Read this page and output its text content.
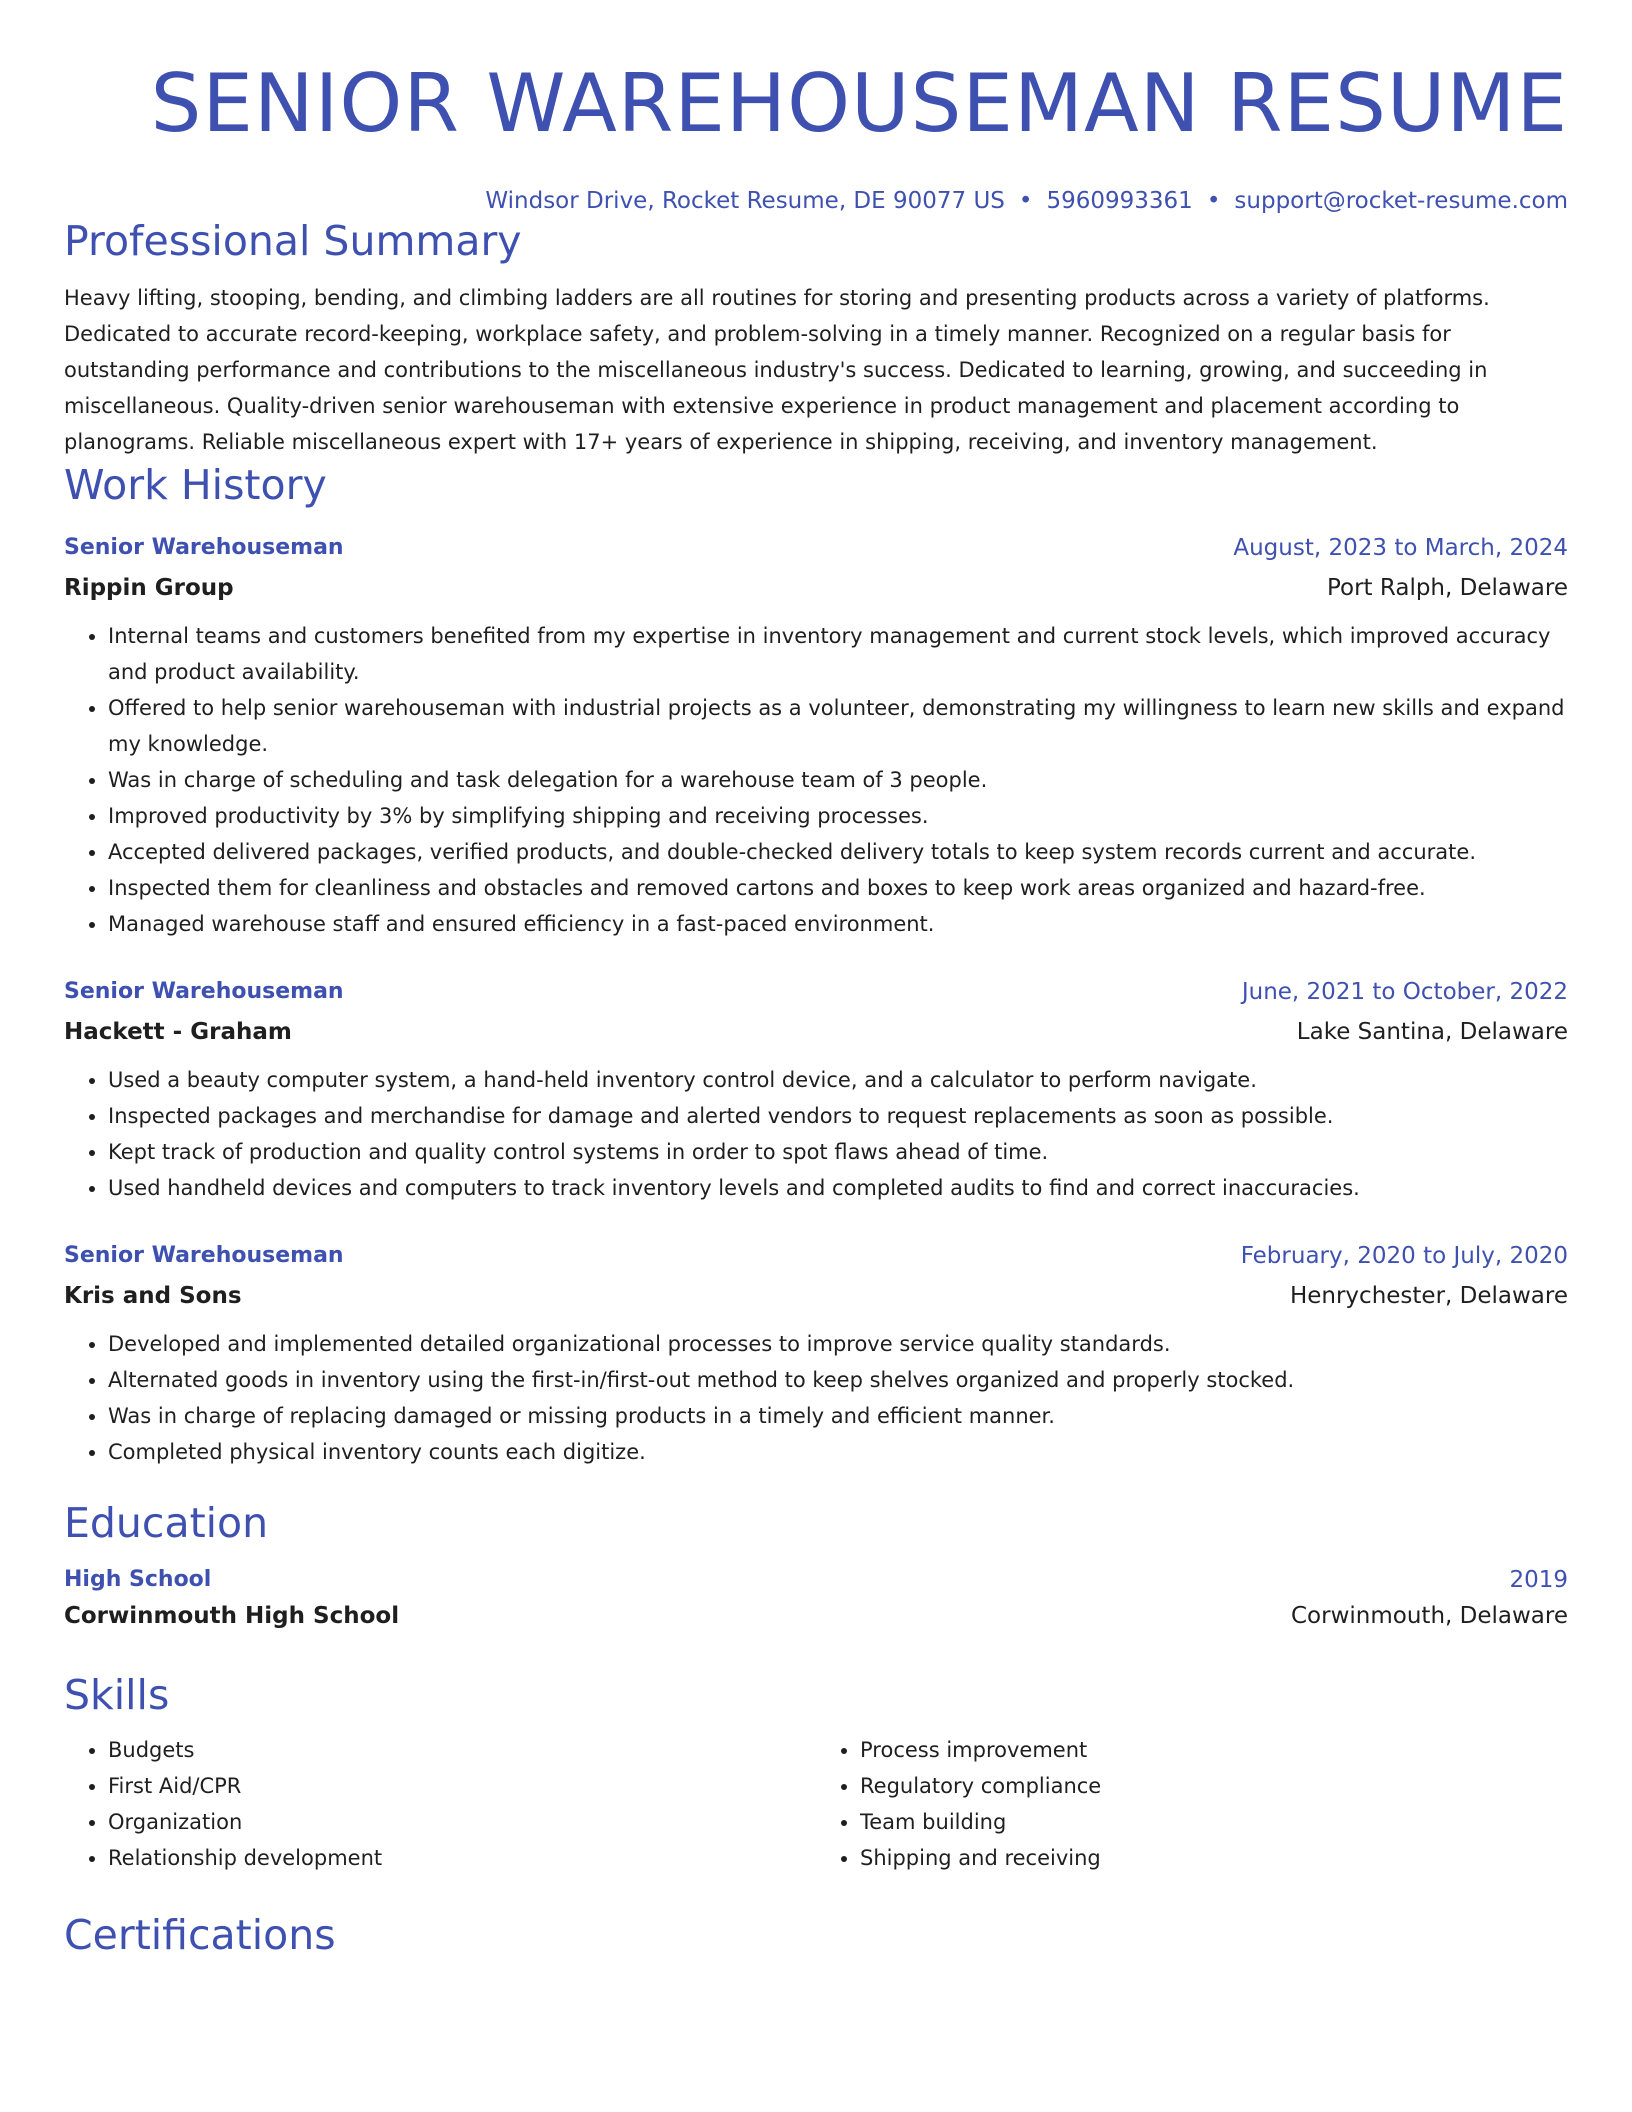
SENIOR WAREHOUSEMAN RESUME
Windsor Drive, Rocket Resume, DE 90077 US • 5960993361 • support@rocket-resume.com
Professional Summary
Heavy lifting, stooping, bending, and climbing ladders are all routines for storing and presenting products across a variety of platforms. Dedicated to accurate record-keeping, workplace safety, and problem-solving in a timely manner. Recognized on a regular basis for outstanding performance and contributions to the miscellaneous industry's success. Dedicated to learning, growing, and succeeding in miscellaneous. Quality-driven senior warehouseman with extensive experience in product management and placement according to planograms. Reliable miscellaneous expert with 17+ years of experience in shipping, receiving, and inventory management.
Work History
Senior Warehouseman	August, 2023 to March, 2024
Rippin Group	Port Ralph, Delaware
• Internal teams and customers benefited from my expertise in inventory management and current stock levels, which improved accuracy and product availability.
• Offered to help senior warehouseman with industrial projects as a volunteer, demonstrating my willingness to learn new skills and expand my knowledge.
• Was in charge of scheduling and task delegation for a warehouse team of 3 people.
• Improved productivity by 3% by simplifying shipping and receiving processes.
• Accepted delivered packages, verified products, and double-checked delivery totals to keep system records current and accurate.
• Inspected them for cleanliness and obstacles and removed cartons and boxes to keep work areas organized and hazard-free.
• Managed warehouse staff and ensured efficiency in a fast-paced environment.
Senior Warehouseman	June, 2021 to October, 2022
Hackett - Graham	Lake Santina, Delaware
• Used a beauty computer system, a hand-held inventory control device, and a calculator to perform navigate.
• Inspected packages and merchandise for damage and alerted vendors to request replacements as soon as possible.
• Kept track of production and quality control systems in order to spot flaws ahead of time.
• Used handheld devices and computers to track inventory levels and completed audits to find and correct inaccuracies.
Senior Warehouseman	February, 2020 to July, 2020
Kris and Sons	Henrychester, Delaware
• Developed and implemented detailed organizational processes to improve service quality standards.
• Alternated goods in inventory using the first-in/first-out method to keep shelves organized and properly stocked.
• Was in charge of replacing damaged or missing products in a timely and efficient manner.
• Completed physical inventory counts each digitize.
Education
High School	2019
Corwinmouth High School	Corwinmouth, Delaware
Skills
• Budgets
• First Aid/CPR
• Organization
• Relationship development
• Process improvement
• Regulatory compliance
• Team building
• Shipping and receiving
Certifications
